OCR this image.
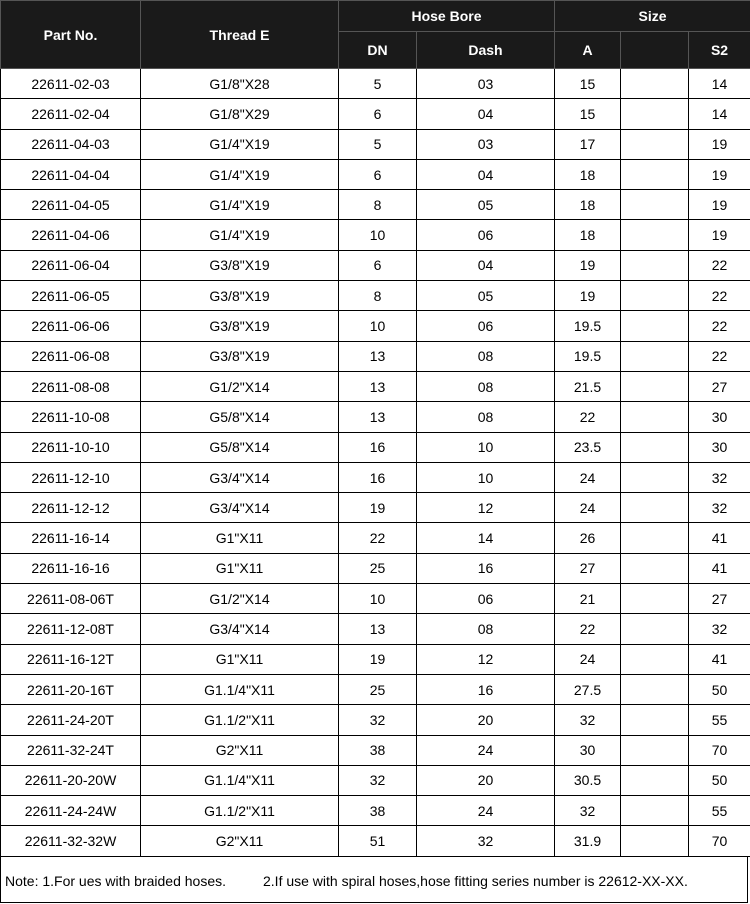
Part No.	Thread E	Hose Bore		Size		
		DN	Dash	A		S2
22611-02-03	G1/8"X28	5	03	15		14
22611-02-04	G1/8"X29	6	04	15		14
22611-04-03	G1/4"X19	5	03	17		19
22611-04-04	G1/4"X19	6	04	18		19
22611-04-05	G1/4"X19	8	05	18		19
22611-04-06	G1/4"X19	10	06	18		19
22611-06-04	G3/8"X19	6	04	19		22
22611-06-05	G3/8"X19	8	05	19		22
22611-06-06	G3/8"X19	10	06	19.5		22
22611-06-08	G3/8"X19	13	08	19.5		22
22611-08-08	G1/2"X14	13	08	21.5		27
22611-10-08	G5/8"X14	13	08	22		30
22611-10-10	G5/8"X14	16	10	23.5		30
22611-12-10	G3/4"X14	16	10	24		32
22611-12-12	G3/4"X14	19	12	24		32
22611-16-14	G1"X11	22	14	26		41
22611-16-16	G1"X11	25	16	27		41
22611-08-06T	G1/2"X14	10	06	21		27
22611-12-08T	G3/4"X14	13	08	22		32
22611-16-12T	G1"X11	19	12	24		41
22611-20-16T	G1.1/4"X11	25	16	27.5		50
22611-24-20T	G1.1/2"X11	32	20	32		55
22611-32-24T	G2"X11	38	24	30		70
22611-20-20W	G1.1/4"X11	32	20	30.5		50
22611-24-24W	G1.1/2"X11	38	24	32		55
22611-32-32W	G2"X11	51	32	31.9		70
Note: 1.For ues with braided hoses.	2.If use with spiral hoses,hose fitting series number is 22612-XX-XX.
